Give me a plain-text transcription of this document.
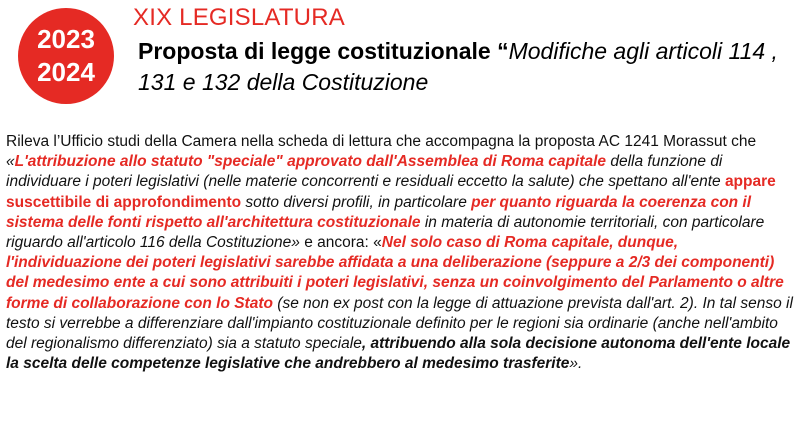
2023
2024
XIX LEGISLATURA
Proposta di legge costituzionale “Modifiche agli articoli 114 , 131 e 132 della Costituzione
Rileva l’Ufficio studi della Camera nella scheda di lettura che accompagna la proposta AC 1241 Morassut che «L'attribuzione allo statuto "speciale" approvato dall'Assemblea di Roma capitale della funzione di individuare i poteri legislativi (nelle materie concorrenti e residuali eccetto la salute) che spettano all'ente appare suscettibile di approfondimento sotto diversi profili, in particolare per quanto riguarda la coerenza con il sistema delle fonti rispetto all'architettura costituzionale in materia di autonomie territoriali, con particolare riguardo all'articolo 116 della Costituzione» e ancora: «Nel solo caso di Roma capitale, dunque, l'individuazione dei poteri legislativi sarebbe affidata a una deliberazione (seppure a 2/3 dei componenti) del medesimo ente a cui sono attribuiti i poteri legislativi, senza un coinvolgimento del Parlamento o altre forme di collaborazione con lo Stato (se non ex post con la legge di attuazione prevista dall'art. 2). In tal senso il testo si verrebbe a differenziare dall'impianto costituzionale definito per le regioni sia ordinarie (anche nell'ambito del regionalismo differenziato) sia a statuto speciale, attribuendo alla sola decisione autonoma dell'ente locale la scelta delle competenze legislative che andrebbero al medesimo trasferite».
